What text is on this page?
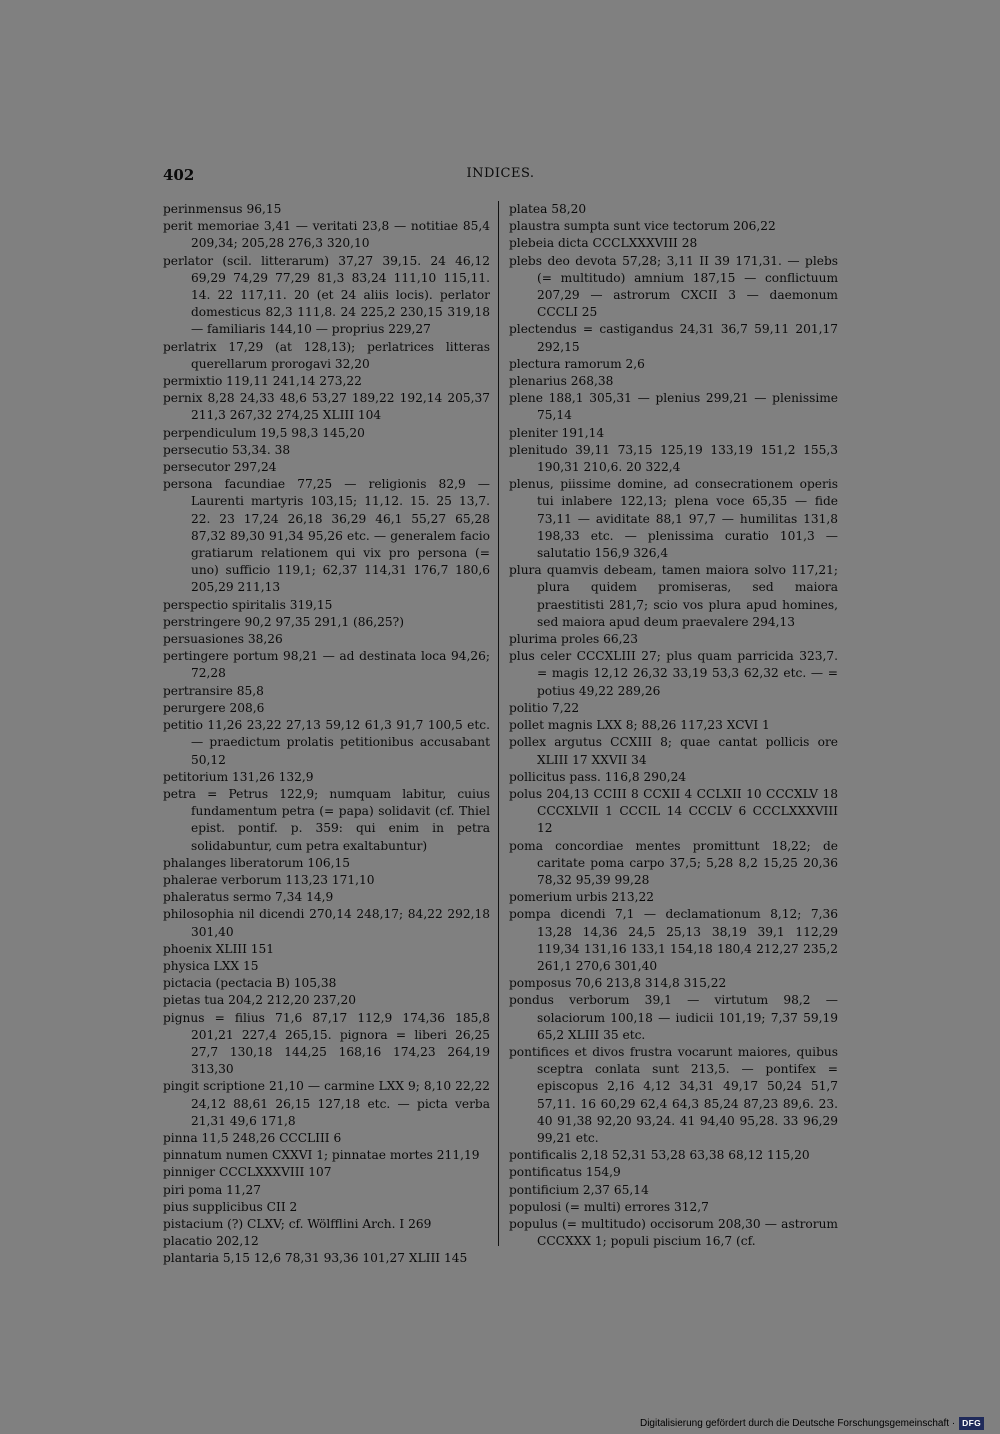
402	INDICES.
perinmensus 96,15
perit memoriae 3,41 — veritati 23,8 — notitiae 85,4 209,34; 205,28 276,3 320,10
perlator (scil. litterarum) 37,27 39,15. 24 46,12 69,29 74,29 77,29 81,3 83,24 111,10 115,11. 14. 22 117,11. 20 (et 24 aliis locis). perlator domesticus 82,3 111,8. 24 225,2 230,15 319,18 — familiaris 144,10 — proprius 229,27
perlatrix 17,29 (at 128,13); perlatrices litteras querellarum prorogavi 32,20
permixtio 119,11 241,14 273,22
pernix 8,28 24,33 48,6 53,27 189,22 192,14 205,37 211,3 267,32 274,25 XLIII 104
perpendiculum 19,5 98,3 145,20
persecutio 53,34. 38
persecutor 297,24
persona facundiae 77,25 — religionis 82,9 — Laurenti martyris 103,15; 11,12. 15. 25 13,7. 22. 23 17,24 26,18 36,29 46,1 55,27 65,28 87,32 89,30 91,34 95,26 etc. — generalem facio gratiarum relationem qui vix pro persona (= uno) sufficio 119,1; 62,37 114,31 176,7 180,6 205,29 211,13
perspectio spiritalis 319,15
perstringere 90,2 97,35 291,1 (86,25?)
persuasiones 38,26
pertingere portum 98,21 — ad destinata loca 94,26; 72,28
pertransire 85,8
perurgere 208,6
petitio 11,26 23,22 27,13 59,12 61,3 91,7 100,5 etc. — praedictum prolatis petitionibus accusabant 50,12
petitorium 131,26 132,9
petra = Petrus 122,9; numquam labitur, cuius fundamentum petra (= papa) solidavit (cf. Thiel epist. pontif. p. 359: qui enim in petra solidabuntur, cum petra exaltabuntur)
phalanges liberatorum 106,15
phalerae verborum 113,23 171,10
phaleratus sermo 7,34 14,9
philosophia nil dicendi 270,14 248,17; 84,22 292,18 301,40
phoenix XLIII 151
physica LXX 15
pictacia (pectacia B) 105,38
pietas tua 204,2 212,20 237,20
pignus = filius 71,6 87,17 112,9 174,36 185,8 201,21 227,4 265,15. pignora = liberi 26,25 27,7 130,18 144,25 168,16 174,23 264,19 313,30
pingit scriptione 21,10 — carmine LXX 9; 8,10 22,22 24,12 88,61 26,15 127,18 etc. — picta verba 21,31 49,6 171,8
pinna 11,5 248,26 CCCLIII 6
pinnatum numen CXXVI 1; pinnatae mortes 211,19
pinniger CCCLXXXVIII 107
piri poma 11,27
pius supplicibus CII 2
pistacium (?) CLXV; cf. Wölfflini Arch. I 269
placatio 202,12
plantaria 5,15 12,6 78,31 93,36 101,27 XLIII 145
platea 58,20
plaustra sumpta sunt vice tectorum 206,22
plebeia dicta CCCLXXXVIII 28
plebs deo devota 57,28; 3,11 II 39 171,31. — plebs (= multitudo) amnium 187,15 — conflictuum 207,29 — astrorum CXCII 3 — daemonum CCCLI 25
plectendus = castigandus 24,31 36,7 59,11 201,17 292,15
plectura ramorum 2,6
plenarius 268,38
plene 188,1 305,31 — plenius 299,21 — plenissime 75,14
pleniter 191,14
plenitudo 39,11 73,15 125,19 133,19 151,2 155,3 190,31 210,6. 20 322,4
plenus, piissime domine, ad consecrationem operis tui inlabere 122,13; plena voce 65,35 — fide 73,11 — aviditate 88,1 97,7 — humilitas 131,8 198,33 etc. — plenissima curatio 101,3 — salutatio 156,9 326,4
plura quamvis debeam, tamen maiora solvo 117,21; plura quidem promiseras, sed maiora praestitisti 281,7; scio vos plura apud homines, sed maiora apud deum praevalere 294,13
plurima proles 66,23
plus celer CCCXLIII 27; plus quam parricida 323,7. = magis 12,12 26,32 33,19 53,3 62,32 etc. — = potius 49,22 289,26
politio 7,22
pollet magnis LXX 8; 88,26 117,23 XCVI 1
pollex argutus CCXIII 8; quae cantat pollicis ore XLIII 17 XXVII 34
pollicitus pass. 116,8 290,24
polus 204,13 CCIII 8 CCXII 4 CCLXII 10 CCCXLV 18 CCCXLVII 1 CCCIL 14 CCCLV 6 CCCLXXXVIII 12
poma concordiae mentes promittunt 18,22; de caritate poma carpo 37,5; 5,28 8,2 15,25 20,36 78,32 95,39 99,28
pomerium urbis 213,22
pompa dicendi 7,1 — declamationum 8,12; 7,36 13,28 14,36 24,5 25,13 38,19 39,1 112,29 119,34 131,16 133,1 154,18 180,4 212,27 235,2 261,1 270,6 301,40
pomposus 70,6 213,8 314,8 315,22
pondus verborum 39,1 — virtutum 98,2 — solaciorum 100,18 — iudicii 101,19; 7,37 59,19 65,2 XLIII 35 etc.
pontifices et divos frustra vocarunt maiores, quibus sceptra conlata sunt 213,5. — pontifex = episcopus 2,16 4,12 34,31 49,17 50,24 51,7 57,11. 16 60,29 62,4 64,3 85,24 87,23 89,6. 23. 40 91,38 92,20 93,24. 41 94,40 95,28. 33 96,29 99,21 etc.
pontificalis 2,18 52,31 53,28 63,38 68,12 115,20
pontificatus 154,9
pontificium 2,37 65,14
populosi (= multi) errores 312,7
populus (= multitudo) occisorum 208,30 — astrorum CCCXXX 1; populi piscium 16,7 (cf.
Digitalisierung gefördert durch die Deutsche Forschungsgemeinschaft · DFG
